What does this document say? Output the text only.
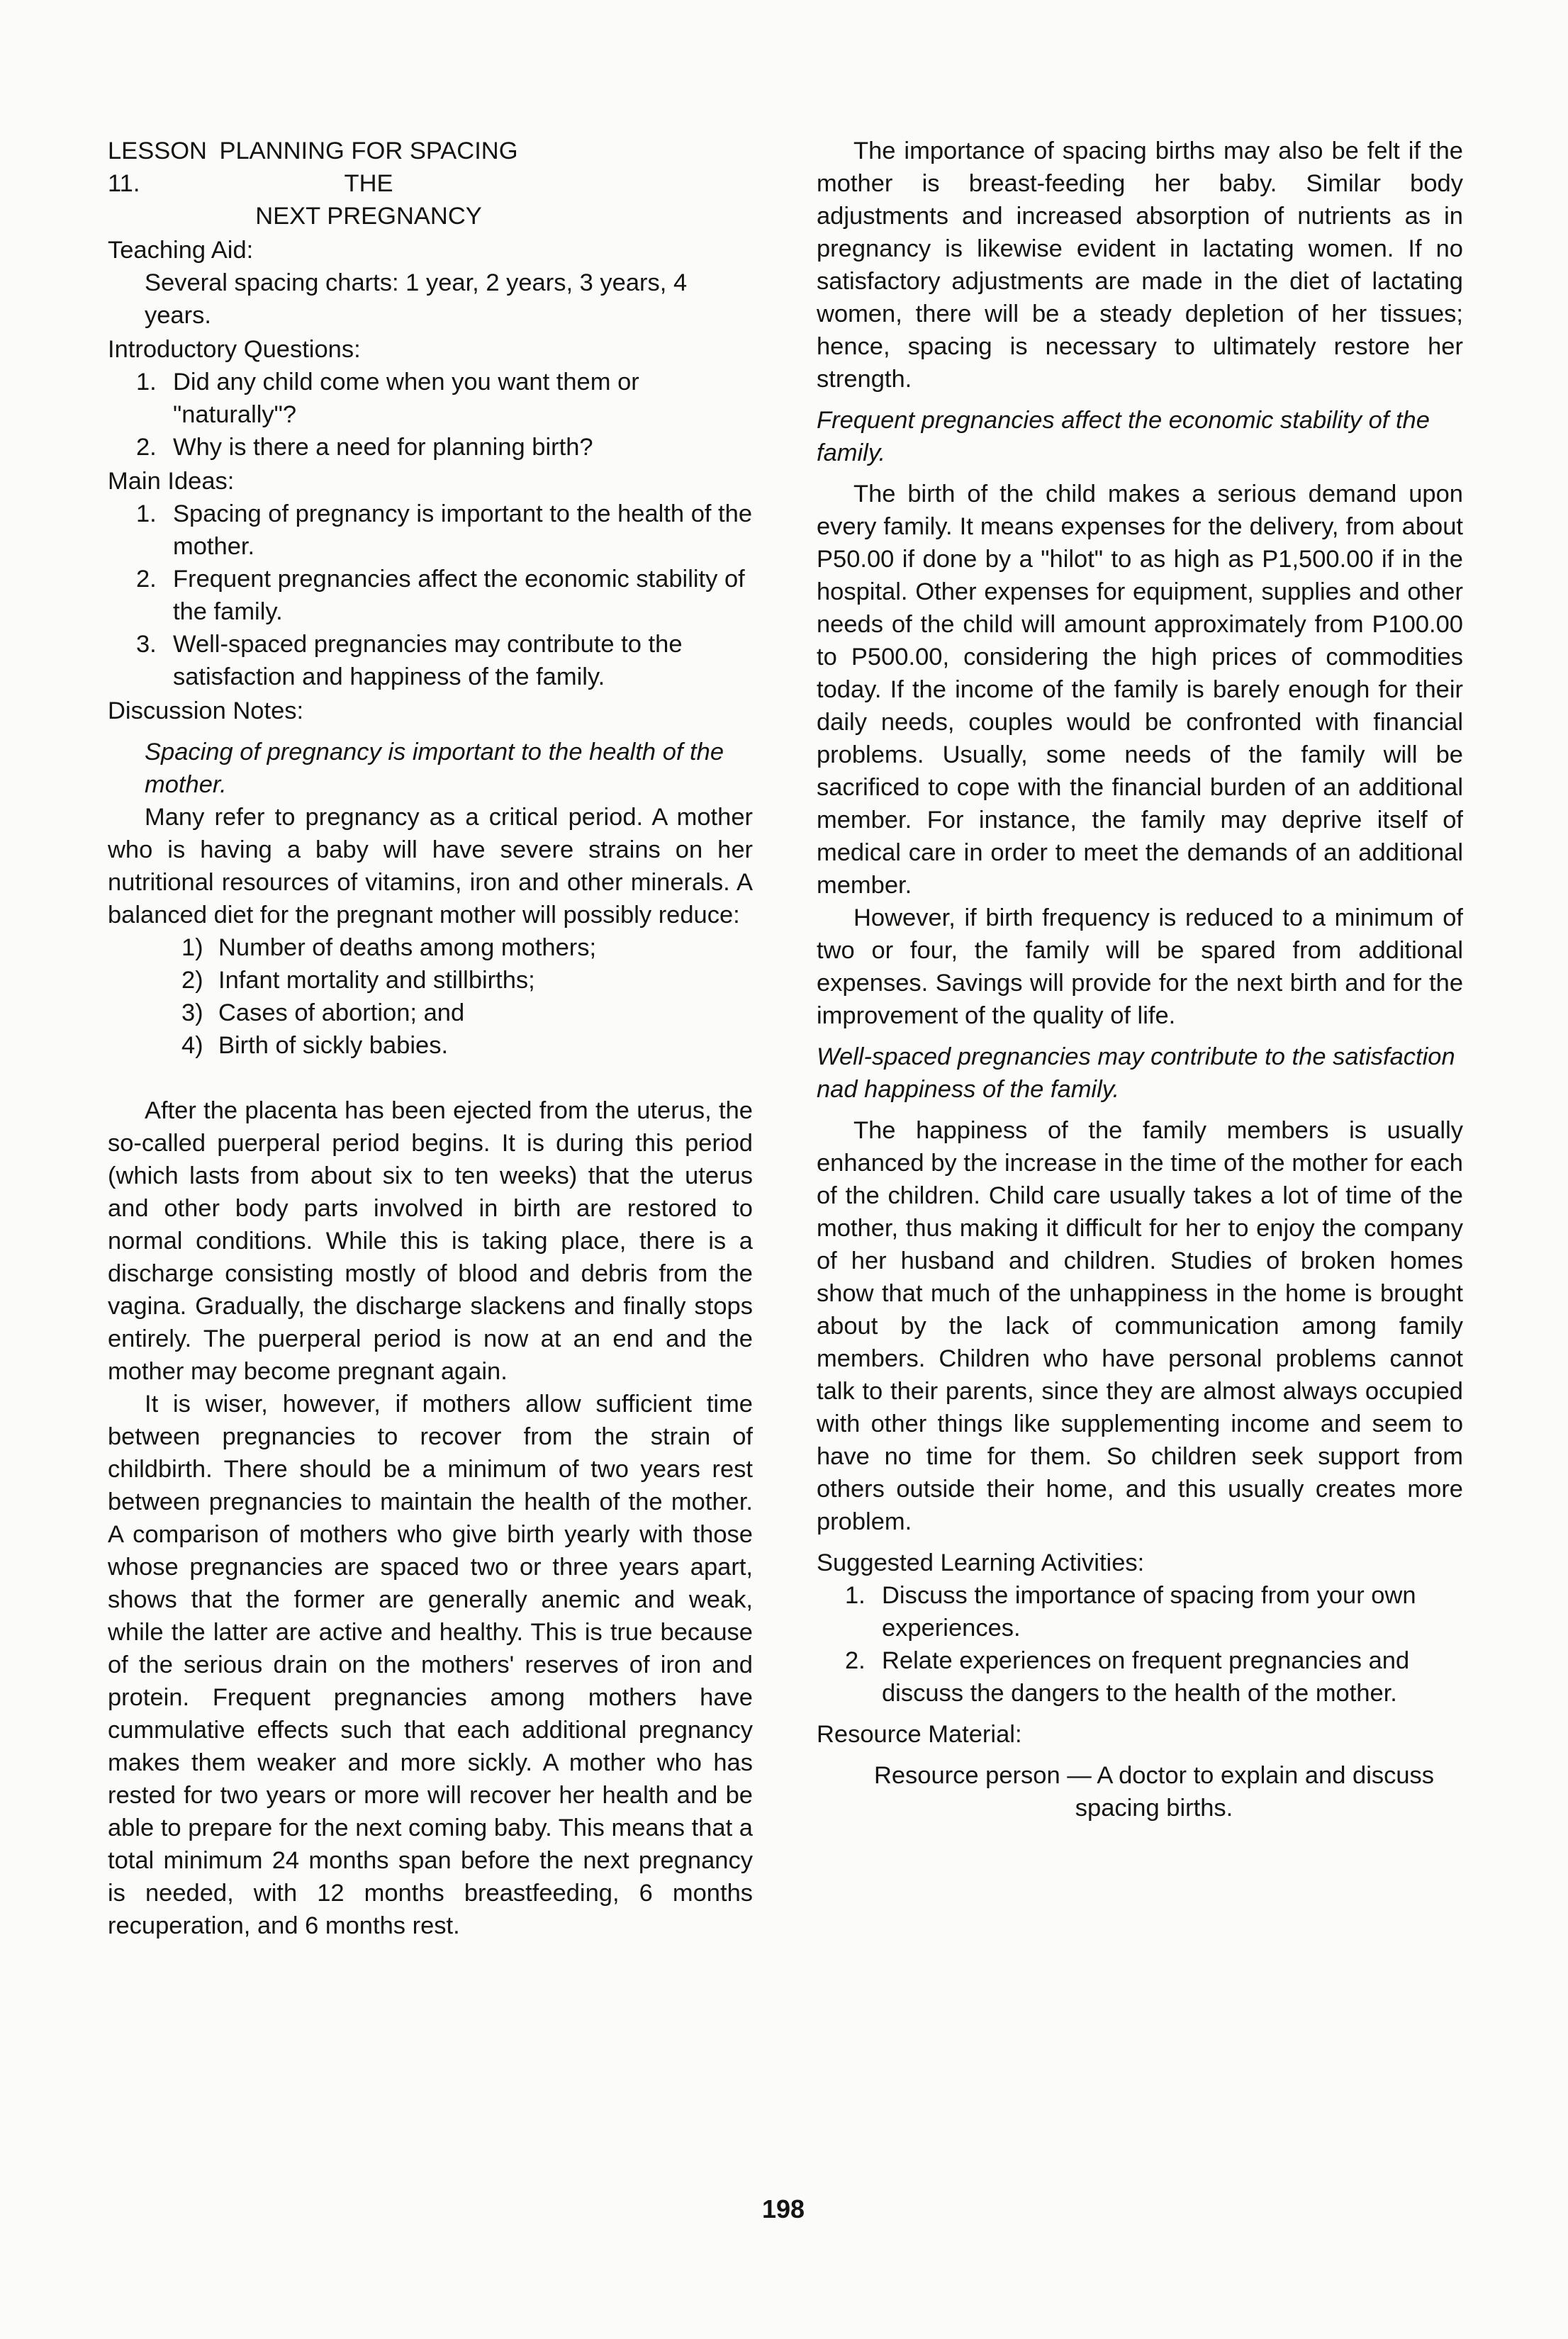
LESSON 11.
PLANNING FOR SPACING THE
NEXT PREGNANCY

Teaching Aid:

Several spacing charts: 1 year, 2 years, 3 years, 4 years.

Introductory Questions:

1. Did any child come when you want them or "naturally"?
2. Why is there a need for planning birth?

Main Ideas:

1. Spacing of pregnancy is important to the health of the mother.
2. Frequent pregnancies affect the economic stability of the family.
3. Well-spaced pregnancies may contribute to the satisfaction and happiness of the family.

Discussion Notes:

Spacing of pregnancy is important to the health of the mother.

Many refer to pregnancy as a critical period. A mother who is having a baby will have severe strains on her nutritional resources of vitamins, iron and other minerals. A balanced diet for the pregnant mother will possibly reduce:

1) Number of deaths among mothers;
2) Infant mortality and stillbirths;
3) Cases of abortion; and
4) Birth of sickly babies.

After the placenta has been ejected from the uterus, the so-called puerperal period begins. It is during this period (which lasts from about six to ten weeks) that the uterus and other body parts involved in birth are restored to normal conditions. While this is taking place, there is a discharge consisting mostly of blood and debris from the vagina. Gradually, the discharge slackens and finally stops entirely. The puerperal period is now at an end and the mother may become pregnant again.

It is wiser, however, if mothers allow sufficient time between pregnancies to recover from the strain of childbirth. There should be a minimum of two years rest between pregnancies to maintain the health of the mother. A comparison of mothers who give birth yearly with those whose pregnancies are spaced two or three years apart, shows that the former are generally anemic and weak, while the latter are active and healthy. This is true because of the serious drain on the mothers' reserves of iron and protein. Frequent pregnancies among mothers have cummulative effects such that each additional pregnancy makes them weaker and more sickly. A mother who has rested for two years or more will recover her health and be able to prepare for the next coming baby. This means that a total minimum 24 months span before the next pregnancy is needed, with 12 months breastfeeding, 6 months recuperation, and 6 months rest.

The importance of spacing births may also be felt if the mother is breast-feeding her baby. Similar body adjustments and increased absorption of nutrients as in pregnancy is likewise evident in lactating women. If no satisfactory adjustments are made in the diet of lactating women, there will be a steady depletion of her tissues; hence, spacing is necessary to ultimately restore her strength.

Frequent pregnancies affect the economic stability of the family.

The birth of the child makes a serious demand upon every family. It means expenses for the delivery, from about P50.00 if done by a "hilot" to as high as P1,500.00 if in the hospital. Other expenses for equipment, supplies and other needs of the child will amount approximately from P100.00 to P500.00, considering the high prices of commodities today. If the income of the family is barely enough for their daily needs, couples would be confronted with financial problems. Usually, some needs of the family will be sacrificed to cope with the financial burden of an additional member. For instance, the family may deprive itself of medical care in order to meet the demands of an additional member.

However, if birth frequency is reduced to a minimum of two or four, the family will be spared from additional expenses. Savings will provide for the next birth and for the improvement of the quality of life.

Well-spaced pregnancies may contribute to the satisfaction nad happiness of the family.

The happiness of the family members is usually enhanced by the increase in the time of the mother for each of the children. Child care usually takes a lot of time of the mother, thus making it difficult for her to enjoy the company of her husband and children. Studies of broken homes show that much of the unhappiness in the home is brought about by the lack of communication among family members. Children who have personal problems cannot talk to their parents, since they are almost always occupied with other things like supplementing income and seem to have no time for them. So children seek support from others outside their home, and this usually creates more problem.

Suggested Learning Activities:

1. Discuss the importance of spacing from your own experiences.
2. Relate experiences on frequent pregnancies and discuss the dangers to the health of the mother.

Resource Material:

Resource person — A doctor to explain and discuss

spacing births.

198
